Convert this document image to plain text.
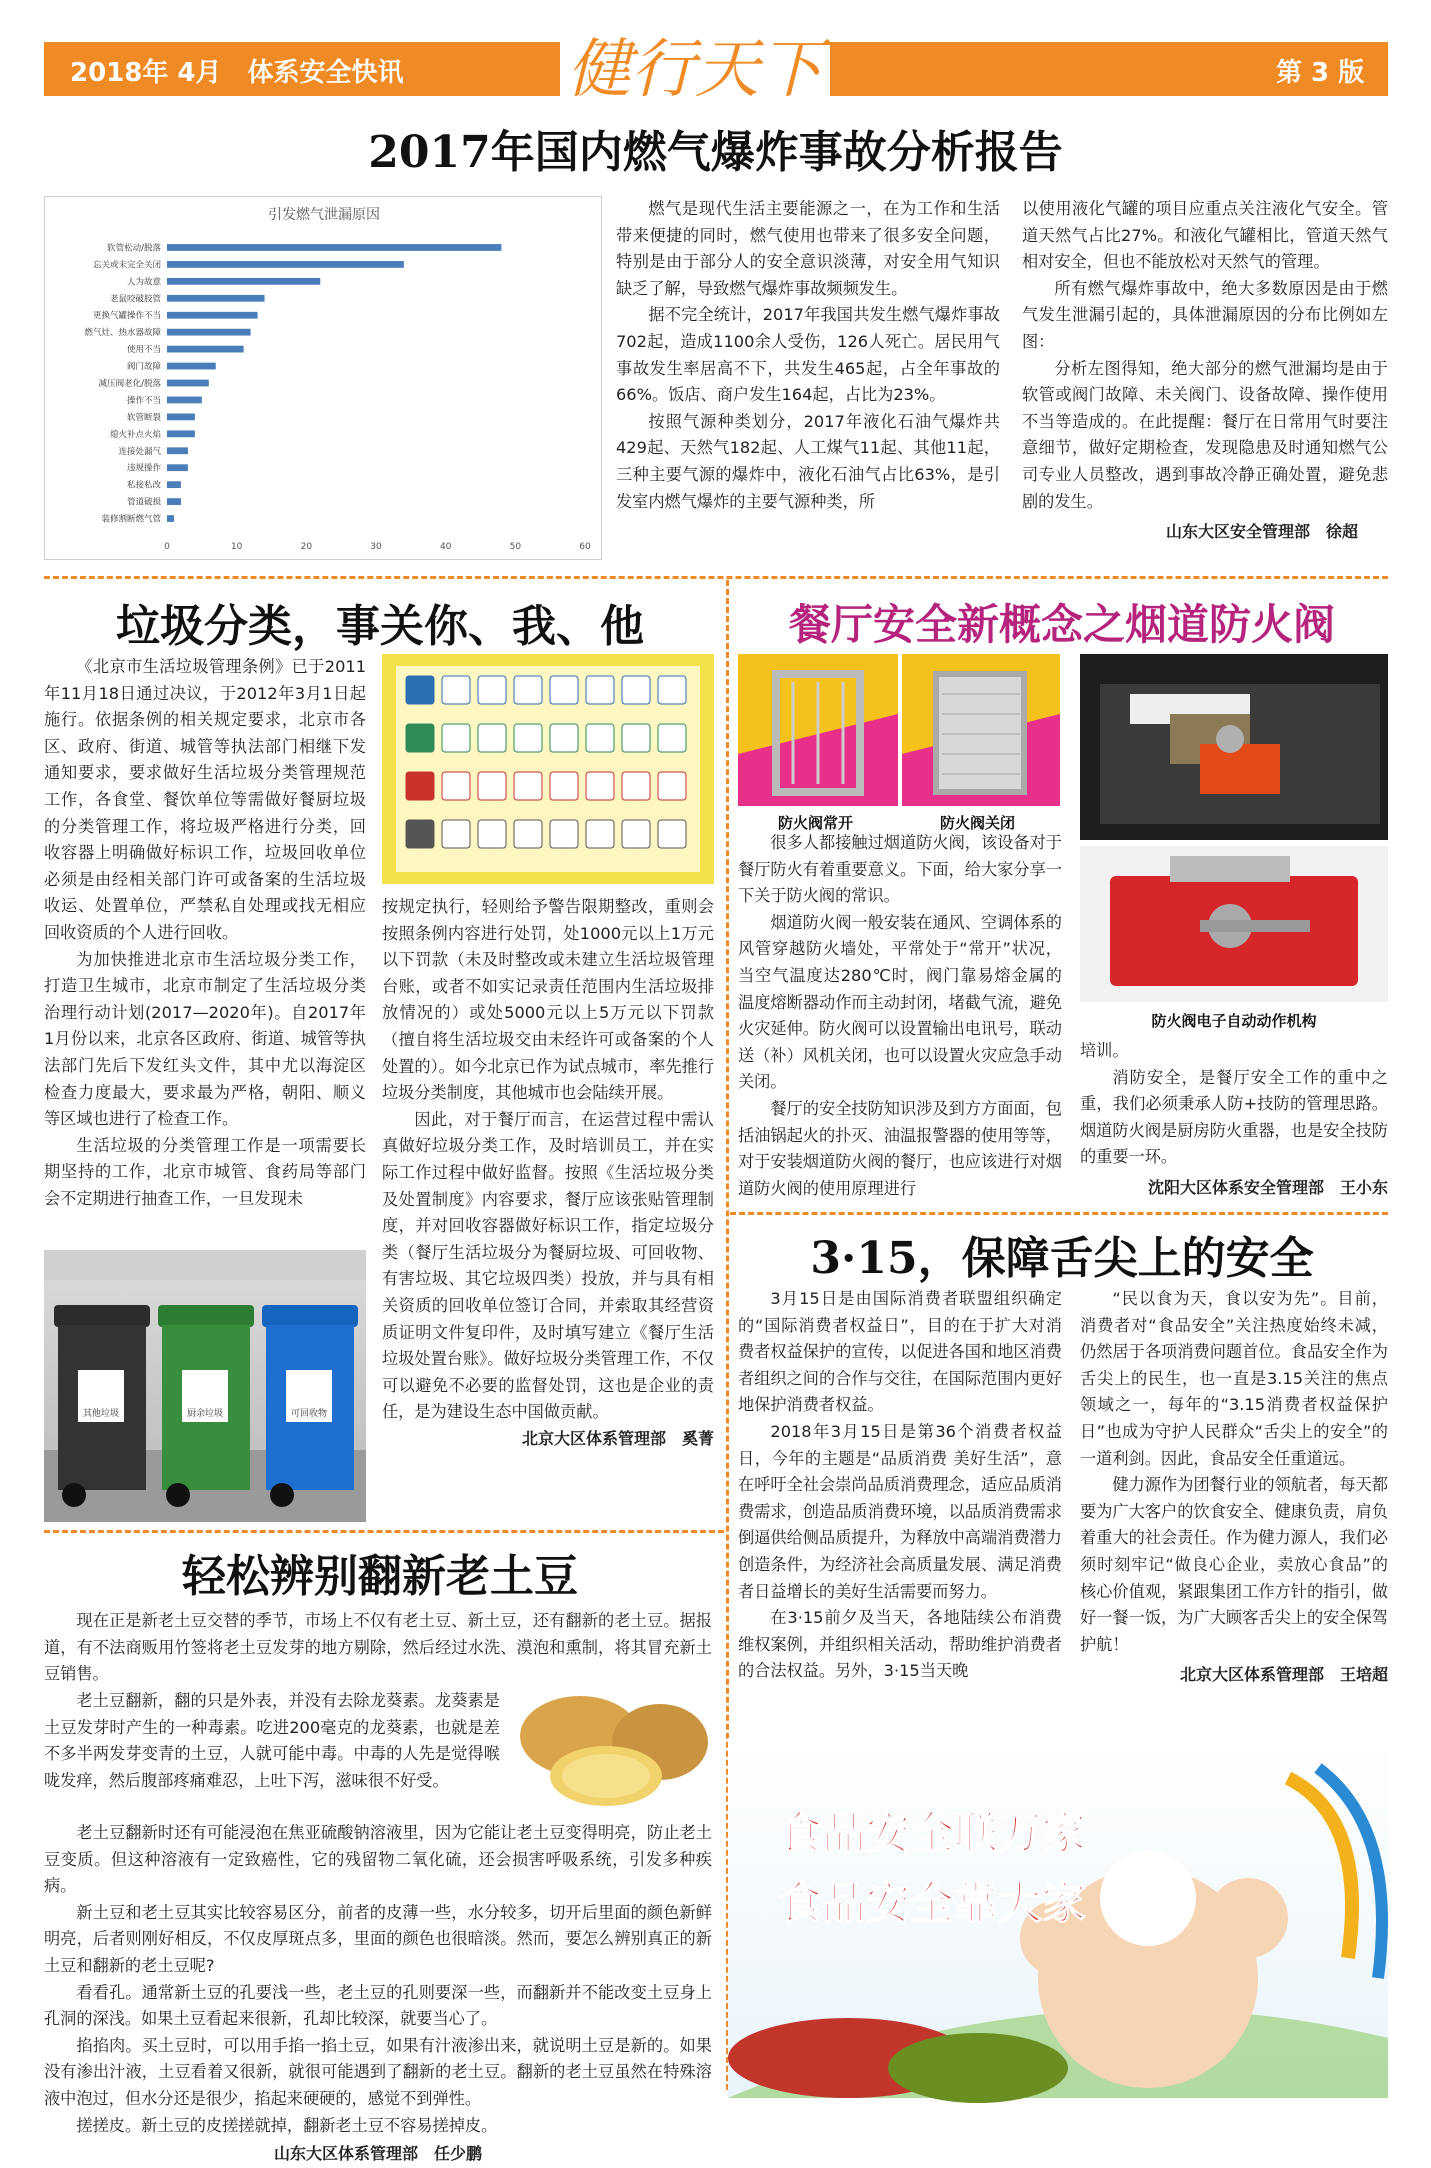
2018年 4月　体系安全快讯	健行天下	第 3 版
2017年国内燃气爆炸事故分析报告
引发燃气泄漏原因
软管松动/脱落
忘关或未完全关闭
人为故意
老鼠咬破胶管
更换气罐操作不当
燃气灶、热水器故障
使用不当
阀门故障
减压阀老化/脱落
操作不当
软管断裂
熄火补点火焰
连接处漏气
违规操作
私接私改
管道破损
装修割断燃气管
0	10	20	30	40	50	60

燃气是现代生活主要能源之一，在为工作和生活带来便捷的同时，燃气使用也带来了很多安全问题，特别是由于部分人的安全意识淡薄，对安全用气知识缺乏了解，导致燃气爆炸事故频频发生。

据不完全统计，2017年我国共发生燃气爆炸事故702起，造成1100余人受伤，126人死亡。居民用气事故发生率居高不下，共发生465起，占全年事故的66%。饭店、商户发生164起，占比为23%。

按照气源种类划分，2017年液化石油气爆炸共429起、天然气182起、人工煤气11起、其他11起，三种主要气源的爆炸中，液化石油气占比63%，是引发室内燃气爆炸的主要气源种类，所

以使用液化气罐的项目应重点关注液化气安全。管道天然气占比27%。和液化气罐相比，管道天然气相对安全，但也不能放松对天然气的管理。

所有燃气爆炸事故中，绝大多数原因是由于燃气发生泄漏引起的，具体泄漏原因的分布比例如左图：

分析左图得知，绝大部分的燃气泄漏均是由于软管或阀门故障、未关阀门、设备故障、操作使用不当等造成的。在此提醒：餐厅在日常用气时要注意细节，做好定期检查，发现隐患及时通知燃气公司专业人员整改，遇到事故冷静正确处置，避免悲剧的发生。

山东大区安全管理部　徐超
垃圾分类，事关你、我、他

《北京市生活垃圾管理条例》已于2011年11月18日通过决议，于2012年3月1日起施行。依据条例的相关规定要求，北京市各区、政府、街道、城管等执法部门相继下发通知要求，要求做好生活垃圾分类管理规范工作，各食堂、餐饮单位等需做好餐厨垃圾的分类管理工作，将垃圾严格进行分类，回收容器上明确做好标识工作，垃圾回收单位必须是由经相关部门许可或备案的生活垃圾收运、处置单位，严禁私自处理或找无相应回收资质的个人进行回收。

为加快推进北京市生活垃圾分类工作，打造卫生城市，北京市制定了生活垃圾分类治理行动计划(2017—2020年)。自2017年1月份以来，北京各区政府、街道、城管等执法部门先后下发红头文件，其中尤以海淀区检查力度最大，要求最为严格，朝阳、顺义等区域也进行了检查工作。

生活垃圾的分类管理工作是一项需要长期坚持的工作，北京市城管、食药局等部门会不定期进行抽查工作，一旦发现未

按规定执行，轻则给予警告限期整改，重则会按照条例内容进行处罚，处1000元以上1万元以下罚款（未及时整改或未建立生活垃圾管理台账，或者不如实记录责任范围内生活垃圾排放情况的）或处5000元以上5万元以下罚款（擅自将生活垃圾交由未经许可或备案的个人处置的）。如今北京已作为试点城市，率先推行垃圾分类制度，其他城市也会陆续开展。

因此，对于餐厅而言，在运营过程中需认真做好垃圾分类工作，及时培训员工，并在实际工作过程中做好监督。按照《生活垃圾分类及处置制度》内容要求，餐厅应该张贴管理制度，并对回收容器做好标识工作，指定垃圾分类（餐厅生活垃圾分为餐厨垃圾、可回收物、有害垃圾、其它垃圾四类）投放，并与具有相关资质的回收单位签订合同，并索取其经营资质证明文件复印件，及时填写建立《餐厅生活垃圾处置台账》。做好垃圾分类管理工作，不仅可以避免不必要的监督处罚，这也是企业的责任，是为建设生态中国做贡献。

北京大区体系管理部　奚菁
其他垃圾	厨余垃圾	可回收物
餐厅安全新概念之烟道防火阀
防火阀常开	防火阀关闭
防火阀电子自动动作机构

很多人都接触过烟道防火阀，该设备对于餐厅防火有着重要意义。下面，给大家分享一下关于防火阀的常识。

烟道防火阀一般安装在通风、空调体系的风管穿越防火墙处，平常处于“常开”状况，当空气温度达280℃时，阀门靠易熔金属的温度熔断器动作而主动封闭，堵截气流，避免火灾延伸。防火阀可以设置输出电讯号，联动送（补）风机关闭，也可以设置火灾应急手动关闭。

餐厅的安全技防知识涉及到方方面面，包括油锅起火的扑灭、油温报警器的使用等等，对于安装烟道防火阀的餐厅，也应该进行对烟道防火阀的使用原理进行

培训。

消防安全，是餐厅安全工作的重中之重，我们必须秉承人防+技防的管理思路。烟道防火阀是厨房防火重器，也是安全技防的重要一环。

沈阳大区体系安全管理部　王小东
3·15，保障舌尖上的安全

3月15日是由国际消费者联盟组织确定的“国际消费者权益日”，目的在于扩大对消费者权益保护的宣传，以促进各国和地区消费者组织之间的合作与交往，在国际范围内更好地保护消费者权益。

2018年3月15日是第36个消费者权益日，今年的主题是“品质消费 美好生活”，意在呼吁全社会崇尚品质消费理念，适应品质消费需求，创造品质消费环境，以品质消费需求倒逼供给侧品质提升，为释放中高端消费潜力创造条件，为经济社会高质量发展、满足消费者日益增长的美好生活需要而努力。

在3·15前夕及当天，各地陆续公布消费维权案例，并组织相关活动，帮助维护消费者的合法权益。另外，3·15当天晚

“民以食为天，食以安为先”。目前，消费者对“食品安全”关注热度始终未减，仍然居于各项消费问题首位。食品安全作为舌尖上的民生，也一直是3.15关注的焦点领域之一，每年的“3.15消费者权益保护日”也成为守护人民群众“舌尖上的安全”的一道利剑。因此，食品安全任重道远。

健力源作为团餐行业的领航者，每天都要为广大客户的饮食安全、健康负责，肩负着重大的社会责任。作为健力源人，我们必须时刻牢记“做良心企业，卖放心食品”的核心价值观，紧跟集团工作方针的指引，做好一餐一饭，为广大顾客舌尖上的安全保驾护航！

北京大区体系管理部　王培超
食品安全联万家
食品安全靠大家
轻松辨别翻新老土豆

现在正是新老土豆交替的季节，市场上不仅有老土豆、新土豆，还有翻新的老土豆。据报道，有不法商贩用竹签将老土豆发芽的地方剔除，然后经过水洗、漠泡和熏制，将其冒充新土豆销售。

老土豆翻新，翻的只是外表，并没有去除龙葵素。龙葵素是土豆发芽时产生的一种毒素。吃进200毫克的龙葵素，也就是差不多半两发芽变青的土豆，人就可能中毒。中毒的人先是觉得喉咙发痒，然后腹部疼痛难忍，上吐下泻，滋味很不好受。

老土豆翻新时还有可能浸泡在焦亚硫酸钠溶液里，因为它能让老土豆变得明亮，防止老土豆变质。但这种溶液有一定致癌性，它的残留物二氧化硫，还会损害呼吸系统，引发多种疾病。

新土豆和老土豆其实比较容易区分，前者的皮薄一些，水分较多，切开后里面的颜色新鲜明亮，后者则刚好相反，不仅皮厚斑点多，里面的颜色也很暗淡。然而，要怎么辨别真正的新土豆和翻新的老土豆呢?

看看孔。通常新土豆的孔要浅一些，老土豆的孔则要深一些，而翻新并不能改变土豆身上孔洞的深浅。如果土豆看起来很新，孔却比较深，就要当心了。

掐掐肉。买土豆时，可以用手掐一掐土豆，如果有汁液渗出来，就说明土豆是新的。如果没有渗出汁液，土豆看着又很新，就很可能遇到了翻新的老土豆。翻新的老土豆虽然在特殊溶液中泡过，但水分还是很少，掐起来硬硬的，感觉不到弹性。

搓搓皮。新土豆的皮搓搓就掉，翻新老土豆不容易搓掉皮。

山东大区体系管理部　任少鹏
